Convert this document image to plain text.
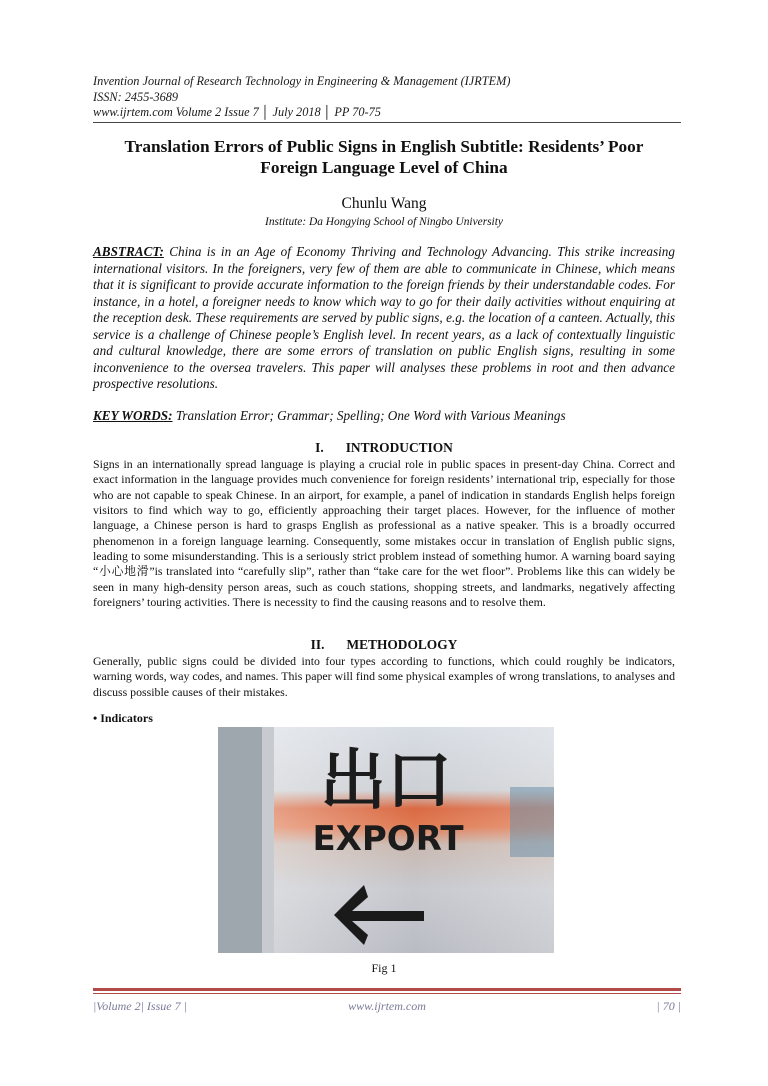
Invention Journal of Research Technology in Engineering & Management (IJRTEM)
ISSN: 2455-3689
www.ijrtem.com Volume 2 Issue 7 │ July 2018 │ PP 70-75
Translation Errors of Public Signs in English Subtitle: Residents’ Poor
Foreign Language Level of China
Chunlu Wang
Institute: Da Hongying School of Ningbo University
ABSTRACT: China is in an Age of Economy Thriving and Technology Advancing. This strike increasing international visitors. In the foreigners, very few of them are able to communicate in Chinese, which means that it is significant to provide accurate information to the foreign friends by their understandable codes. For instance, in a hotel, a foreigner needs to know which way to go for their daily activities without enquiring at the reception desk. These requirements are served by public signs, e.g. the location of a canteen. Actually, this service is a challenge of Chinese people’s English level. In recent years, as a lack of contextually linguistic and cultural knowledge, there are some errors of translation on public English signs, resulting in some inconvenience to the oversea travelers. This paper will analyses these problems in root and then advance prospective resolutions.
KEY WORDS: Translation Error; Grammar; Spelling; One Word with Various Meanings
I. INTRODUCTION
Signs in an internationally spread language is playing a crucial role in public spaces in present-day China. Correct and exact information in the language provides much convenience for foreign residents’ international trip, especially for those who are not capable to speak Chinese. In an airport, for example, a panel of indication in standards English helps foreign visitors to find which way to go, efficiently approaching their target places. However, for the influence of mother language, a Chinese person is hard to grasps English as professional as a native speaker. This is a broadly occurred phenomenon in a foreign language learning. Consequently, some mistakes occur in translation of English public signs, leading to some misunderstanding. This is a seriously strict problem instead of something humor. A warning board saying “小心地滑”is translated into “carefully slip”, rather than “take care for the wet floor”. Problems like this can widely be seen in many high-density person areas, such as couch stations, shopping streets, and landmarks, negatively affecting foreigners’ touring activities. There is necessity to find the causing reasons and to resolve them.
II. METHODOLOGY
Generally, public signs could be divided into four types according to functions, which could roughly be indicators, warning words, way codes, and names. This paper will find some physical examples of wrong translations, to analyses and discuss possible causes of their mistakes.
• Indicators
出口
EXPORT
Fig 1
|Volume 2| Issue 7 |	www.ijrtem.com	| 70 |
